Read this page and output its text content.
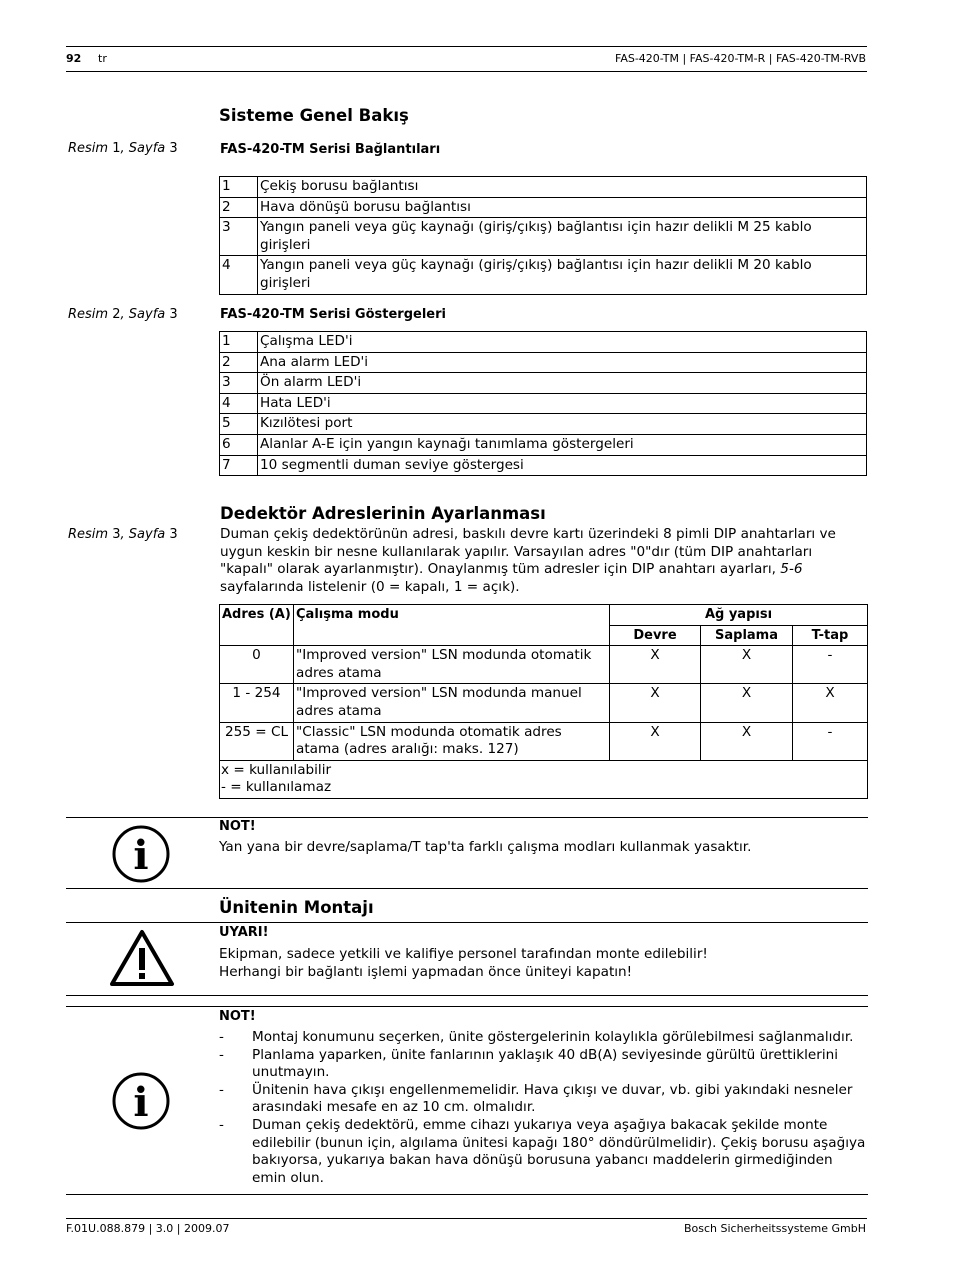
92 tr	FAS-420-TM | FAS-420-TM-R | FAS-420-TM-RVB
Sisteme Genel Bakış
Resim 1, Sayfa 3	FAS-420-TM Serisi Bağlantıları
1	Çekiş borusu bağlantısı
2	Hava dönüşü borusu bağlantısı
3	Yangın paneli veya güç kaynağı (giriş/çıkış) bağlantısı için hazır delikli M 25 kablo girişleri
4	Yangın paneli veya güç kaynağı (giriş/çıkış) bağlantısı için hazır delikli M 20 kablo girişleri
Resim 2, Sayfa 3	FAS-420-TM Serisi Göstergeleri
1	Çalışma LED'i
2	Ana alarm LED'i
3	Ön alarm LED'i
4	Hata LED'i
5	Kızılötesi port
6	Alanlar A-E için yangın kaynağı tanımlama göstergeleri
7	10 segmentli duman seviye göstergesi
Dedektör Adreslerinin Ayarlanması
Resim 3, Sayfa 3	Duman çekiş dedektörünün adresi, baskılı devre kartı üzerindeki 8 pimli DIP anahtarları ve uygun keskin bir nesne kullanılarak yapılır. Varsayılan adres "0"dır (tüm DIP anahtarları "kapalı" olarak ayarlanmıştır). Onaylanmış tüm adresler için DIP anahtarı ayarları, 5-6 sayfalarında listelenir (0 = kapalı, 1 = açık).
Adres (A)	Çalışma modu	Ağ yapısı		
		Devre	Saplama	T-tap
0	"Improved version" LSN modunda otomatik adres atama	X	X	-
1 - 254	"Improved version" LSN modunda manuel adres atama	X	X	X
255 = CL	"Classic" LSN modunda otomatik adres atama (adres aralığı: maks. 127)	X	X	-

x = kullanılabilir
- = kullanılamaz				
i
NOT!
Yan yana bir devre/saplama/T tap'ta farklı çalışma modları kullanmak yasaktır.
Ünitenin Montajı
UYARI!
Ekipman, sadece yetkili ve kalifiye personel tarafından monte edilebilir!
Herhangi bir bağlantı işlemi yapmadan önce üniteyi kapatın!
i
NOT!
- Montaj konumunu seçerken, ünite göstergelerinin kolaylıkla görülebilmesi sağlanmalıdır.
- Planlama yaparken, ünite fanlarının yaklaşık 40 dB(A) seviyesinde gürültü ürettiklerini unutmayın.
- Ünitenin hava çıkışı engellenmemelidir. Hava çıkışı ve duvar, vb. gibi yakındaki nesneler arasındaki mesafe en az 10 cm. olmalıdır.
- Duman çekiş dedektörü, emme cihazı yukarıya veya aşağıya bakacak şekilde monte edilebilir (bunun için, algılama ünitesi kapağı 180° döndürülmelidir). Çekiş borusu aşağıya bakıyorsa, yukarıya bakan hava dönüşü borusuna yabancı maddelerin girmediğinden emin olun.
F.01U.088.879 | 3.0 | 2009.07	Bosch Sicherheitssysteme GmbH
